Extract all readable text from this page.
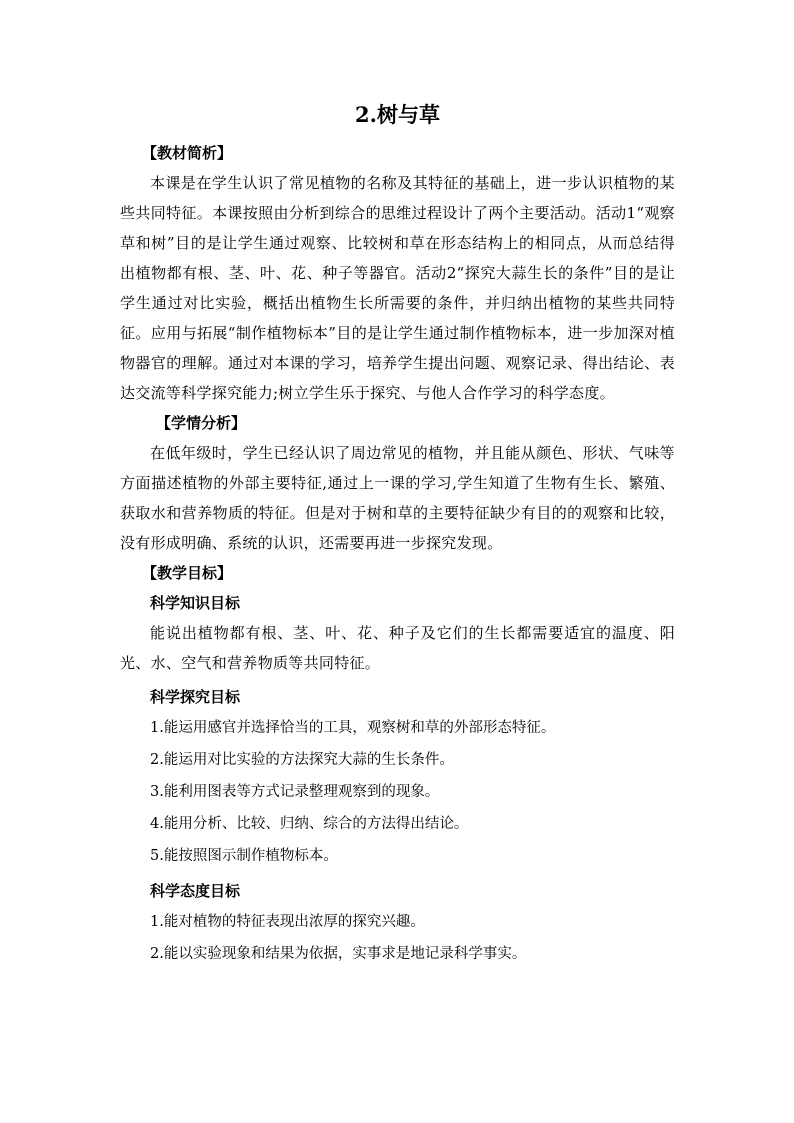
2.树与草

【教材简析】

本课是在学生认识了常见植物的名称及其特征的基础上，进一步认识植物的某些共同特征。本课按照由分析到综合的思维过程设计了两个主要活动。活动1“观察草和树”目的是让学生通过观察、比较树和草在形态结构上的相同点，从而总结得出植物都有根、茎、叶、花、种子等器官。活动2“探究大蒜生长的条件”目的是让学生通过对比实验，概括出植物生长所需要的条件，并归纳出植物的某些共同特征。应用与拓展“制作植物标本”目的是让学生通过制作植物标本，进一步加深对植物器官的理解。通过对本课的学习，培养学生提出问题、观察记录、得出结论、表达交流等科学探究能力;树立学生乐于探究、与他人合作学习的科学态度。

【学情分析】

在低年级时，学生已经认识了周边常见的植物，并且能从颜色、形状、气味等方面描述植物的外部主要特征,通过上一课的学习,学生知道了生物有生长、繁殖、获取水和营养物质的特征。但是对于树和草的主要特征缺少有目的的观察和比较，没有形成明确、系统的认识，还需要再进一步探究发现。

【教学目标】

科学知识目标

能说出植物都有根、茎、叶、花、种子及它们的生长都需要适宜的温度、阳光、水、空气和营养物质等共同特征。

科学探究目标

1.能运用感官并选择恰当的工具，观察树和草的外部形态特征。

2.能运用对比实验的方法探究大蒜的生长条件。

3.能利用图表等方式记录整理观察到的现象。

4.能用分析、比较、归纳、综合的方法得出结论。

5.能按照图示制作植物标本。

科学态度目标

1.能对植物的特征表现出浓厚的探究兴趣。

2.能以实验现象和结果为依据，实事求是地记录科学事实。
